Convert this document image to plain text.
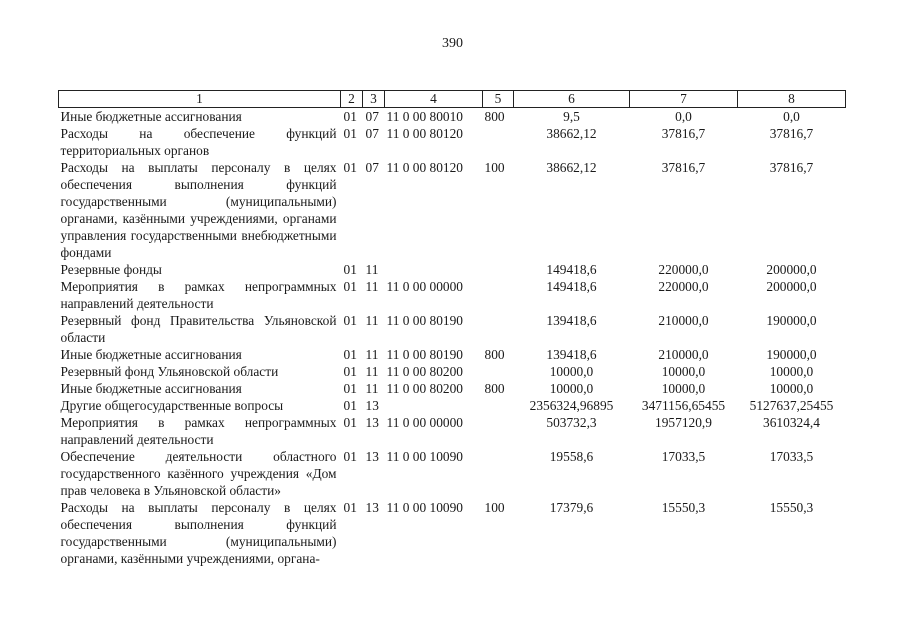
390
1	2	3	4	5	6	7	8
Иные бюджетные ассигнования	01	07	11 0 00 80010	800	9,5	0,0	0,0
Расходы на обеспечение функций территориальных органов	01	07	11 0 00 80120		38662,12	37816,7	37816,7
Расходы на выплаты персоналу в целях обеспечения выполнения функций государственными (муниципальными) органами, казёнными учреждениями, органами управления государственными внебюджетными фондами	01	07	11 0 00 80120	100	38662,12	37816,7	37816,7
Резервные фонды	01	11			149418,6	220000,0	200000,0
Мероприятия в рамках непрограммных направлений деятельности	01	11	11 0 00 00000		149418,6	220000,0	200000,0
Резервный фонд Правительства Ульяновской области	01	11	11 0 00 80190		139418,6	210000,0	190000,0
Иные бюджетные ассигнования	01	11	11 0 00 80190	800	139418,6	210000,0	190000,0
Резервный фонд Ульяновской области	01	11	11 0 00 80200		10000,0	10000,0	10000,0
Иные бюджетные ассигнования	01	11	11 0 00 80200	800	10000,0	10000,0	10000,0
Другие общегосударственные вопросы	01	13			2356324,96895	3471156,65455	5127637,25455
Мероприятия в рамках непрограммных направлений деятельности	01	13	11 0 00 00000		503732,3	1957120,9	3610324,4
Обеспечение деятельности областного государственного казённого учреждения «Дом прав человека в Ульяновской области»	01	13	11 0 00 10090		19558,6	17033,5	17033,5
Расходы на выплаты персоналу в целях обеспечения выполнения функций государственными (муниципальными) органами, казёнными учреждениями, органа-	01	13	11 0 00 10090	100	17379,6	15550,3	15550,3
